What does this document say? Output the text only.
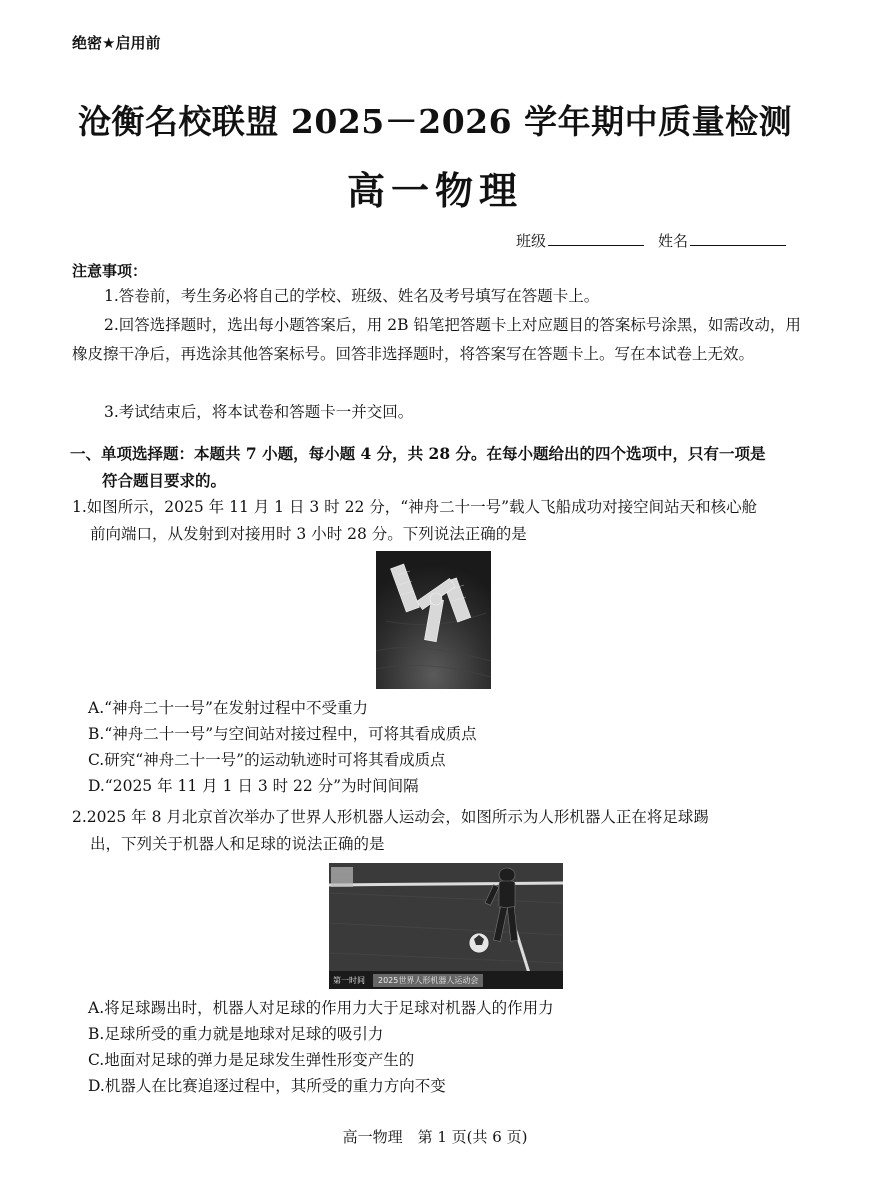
绝密★启用前
沧衡名校联盟 2025－2026 学年期中质量检测
高一物理
班级	姓名
注意事项：
1.答卷前，考生务必将自己的学校、班级、姓名及考号填写在答题卡上。
2.回答选择题时，选出每小题答案后，用 2B 铅笔把答题卡上对应题目的答案标号涂黑，如需改动，用橡皮擦干净后，再选涂其他答案标号。回答非选择题时，将答案写在答题卡上。写在本试卷上无效。
3.考试结束后，将本试卷和答题卡一并交回。
一、单项选择题：本题共 7 小题，每小题 4 分，共 28 分。在每小题给出的四个选项中，只有一项是
符合题目要求的。
1.如图所示，2025 年 11 月 1 日 3 时 22 分，“神舟二十一号”载人飞船成功对接空间站天和核心舱
前向端口，从发射到对接用时 3 小时 28 分。下列说法正确的是
A.“神舟二十一号”在发射过程中不受重力
B.“神舟二十一号”与空间站对接过程中，可将其看成质点
C.研究“神舟二十一号”的运动轨迹时可将其看成质点
D.“2025 年 11 月 1 日 3 时 22 分”为时间间隔
2.2025 年 8 月北京首次举办了世界人形机器人运动会，如图所示为人形机器人正在将足球踢
出，下列关于机器人和足球的说法正确的是
第一时间	2025世界人形机器人运动会
A.将足球踢出时，机器人对足球的作用力大于足球对机器人的作用力
B.足球所受的重力就是地球对足球的吸引力
C.地面对足球的弹力是足球发生弹性形变产生的
D.机器人在比赛追逐过程中，其所受的重力方向不变
高一物理　第 1 页(共 6 页)
